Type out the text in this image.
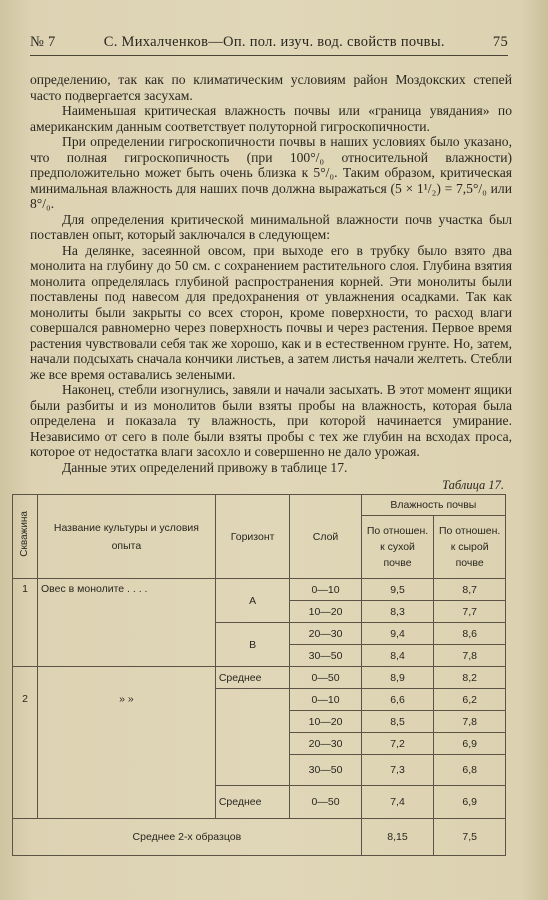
№ 7	С. Михалченков—Оп. пол. изуч. вод. свойств почвы.	75

определению, так как по климатическим условиям район Моздокских степей часто подвергается засухам.

Наименьшая критическая влажность почвы или «граница увядания» по американским данным соответствует полуторной гигроскопичности.

При определении гигроскопичности почвы в наших условиях было указано, что полная гигроскопичность (при 100°/₀ относительной влажности) предположительно может быть очень близка к 5°/₀. Таким образом, критическая минимальная влажность для наших почв должна выражаться (5 × 1¹/₂) = 7,5°/₀ или 8°/₀.

Для определения критической минимальной влажности почв участка был поставлен опыт, который заключался в следующем:

На делянке, засеянной овсом, при выходе его в трубку было взято два монолита на глубину до 50 см. с сохранением растительного слоя. Глубина взятия монолита определялась глубиной распространения корней. Эти монолиты были поставлены под навесом для предохранения от увлажнения осадками. Так как монолиты были закрыты со всех сторон, кроме поверхности, то расход влаги совершался равномерно через поверхность почвы и через растения. Первое время растения чувствовали себя так же хорошо, как и в естественном грунте. Но, затем, начали подсыхать сначала кончики листьев, а затем листья начали желтеть. Стебли же все время оставались зелеными.

Наконец, стебли изогнулись, завяли и начали засыхать. В этот момент ящики были разбиты и из монолитов были взяты пробы на влажность, которая была определена и показала ту влажность, при которой начинается умирание. Независимо от сего в поле были взяты пробы с тех же глубин на всходах проса, которое от недостатка влаги засохло и совершенно не дало урожая.

Данные этих определений привожу в таблице 17.

Таблица 17.
Скважина	Название культуры и условия опыта	Горизонт	Слой	Влажность почвы	
				По отношен. к сухой почве	По отношен. к сырой почве
1	Овес в монолите . . . .	А	0—10	9,5	8,7
			10—20	8,3	7,7
		В	20—30	9,4	8,6
			30—50	8,4	7,8
2	» »	Среднее	0—50	8,9	8,2
			0—10	6,6	6,2
			10—20	8,5	7,8
			20—30	7,2	6,9
			30—50	7,3	6,8
		Среднее	0—50	7,4	6,9
Среднее 2-х образцов				8,15	7,5
